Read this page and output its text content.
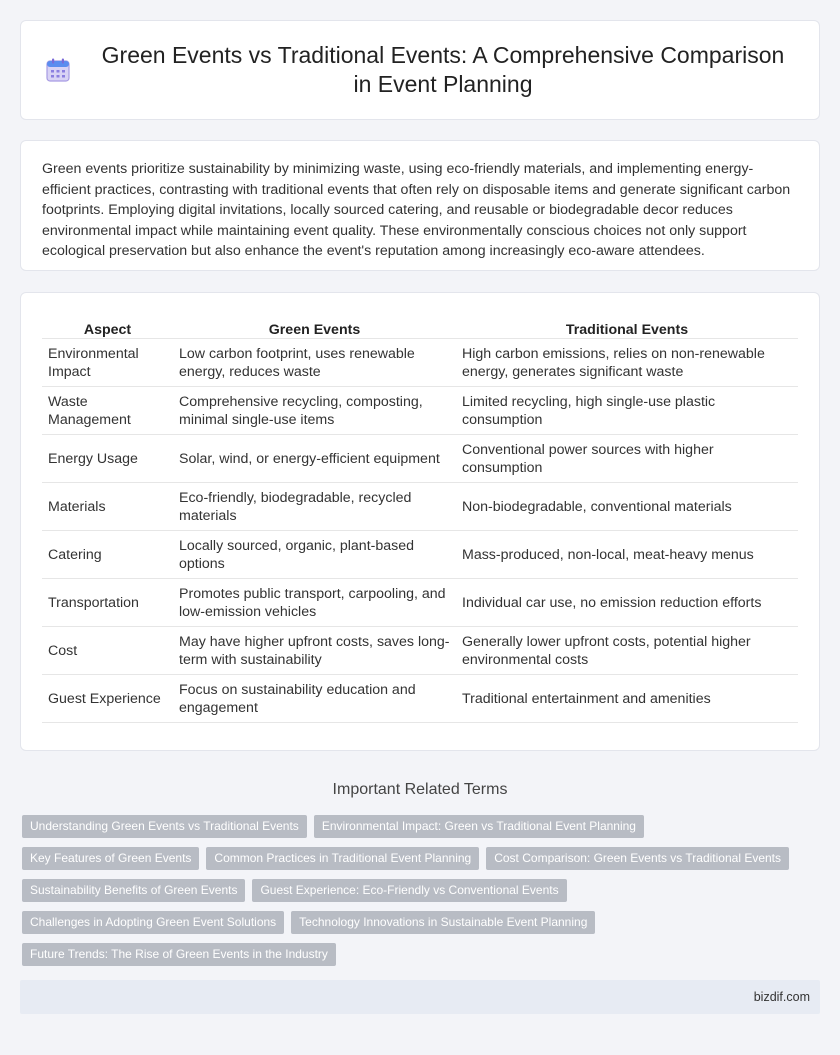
Green Events vs Traditional Events: A Comprehensive Comparison in Event Planning
Green events prioritize sustainability by minimizing waste, using eco-friendly materials, and implementing energy-efficient practices, contrasting with traditional events that often rely on disposable items and generate significant carbon footprints. Employing digital invitations, locally sourced catering, and reusable or biodegradable decor reduces environmental impact while maintaining event quality. These environmentally conscious choices not only support ecological preservation but also enhance the event's reputation among increasingly eco-aware attendees.
Aspect	Green Events	Traditional Events
Environmental Impact	Low carbon footprint, uses renewable energy, reduces waste	High carbon emissions, relies on non-renewable energy, generates significant waste
Waste Management	Comprehensive recycling, composting, minimal single-use items	Limited recycling, high single-use plastic consumption
Energy Usage	Solar, wind, or energy-efficient equipment	Conventional power sources with higher consumption
Materials	Eco-friendly, biodegradable, recycled materials	Non-biodegradable, conventional materials
Catering	Locally sourced, organic, plant-based options	Mass-produced, non-local, meat-heavy menus
Transportation	Promotes public transport, carpooling, and low-emission vehicles	Individual car use, no emission reduction efforts
Cost	May have higher upfront costs, saves long-term with sustainability	Generally lower upfront costs, potential higher environmental costs
Guest Experience	Focus on sustainability education and engagement	Traditional entertainment and amenities
Important Related Terms
Understanding Green Events vs Traditional Events	Environmental Impact: Green vs Traditional Event Planning
Key Features of Green Events	Common Practices in Traditional Event Planning	Cost Comparison: Green Events vs Traditional Events
Sustainability Benefits of Green Events	Guest Experience: Eco-Friendly vs Conventional Events
Challenges in Adopting Green Event Solutions	Technology Innovations in Sustainable Event Planning
Future Trends: The Rise of Green Events in the Industry
bizdif.com
